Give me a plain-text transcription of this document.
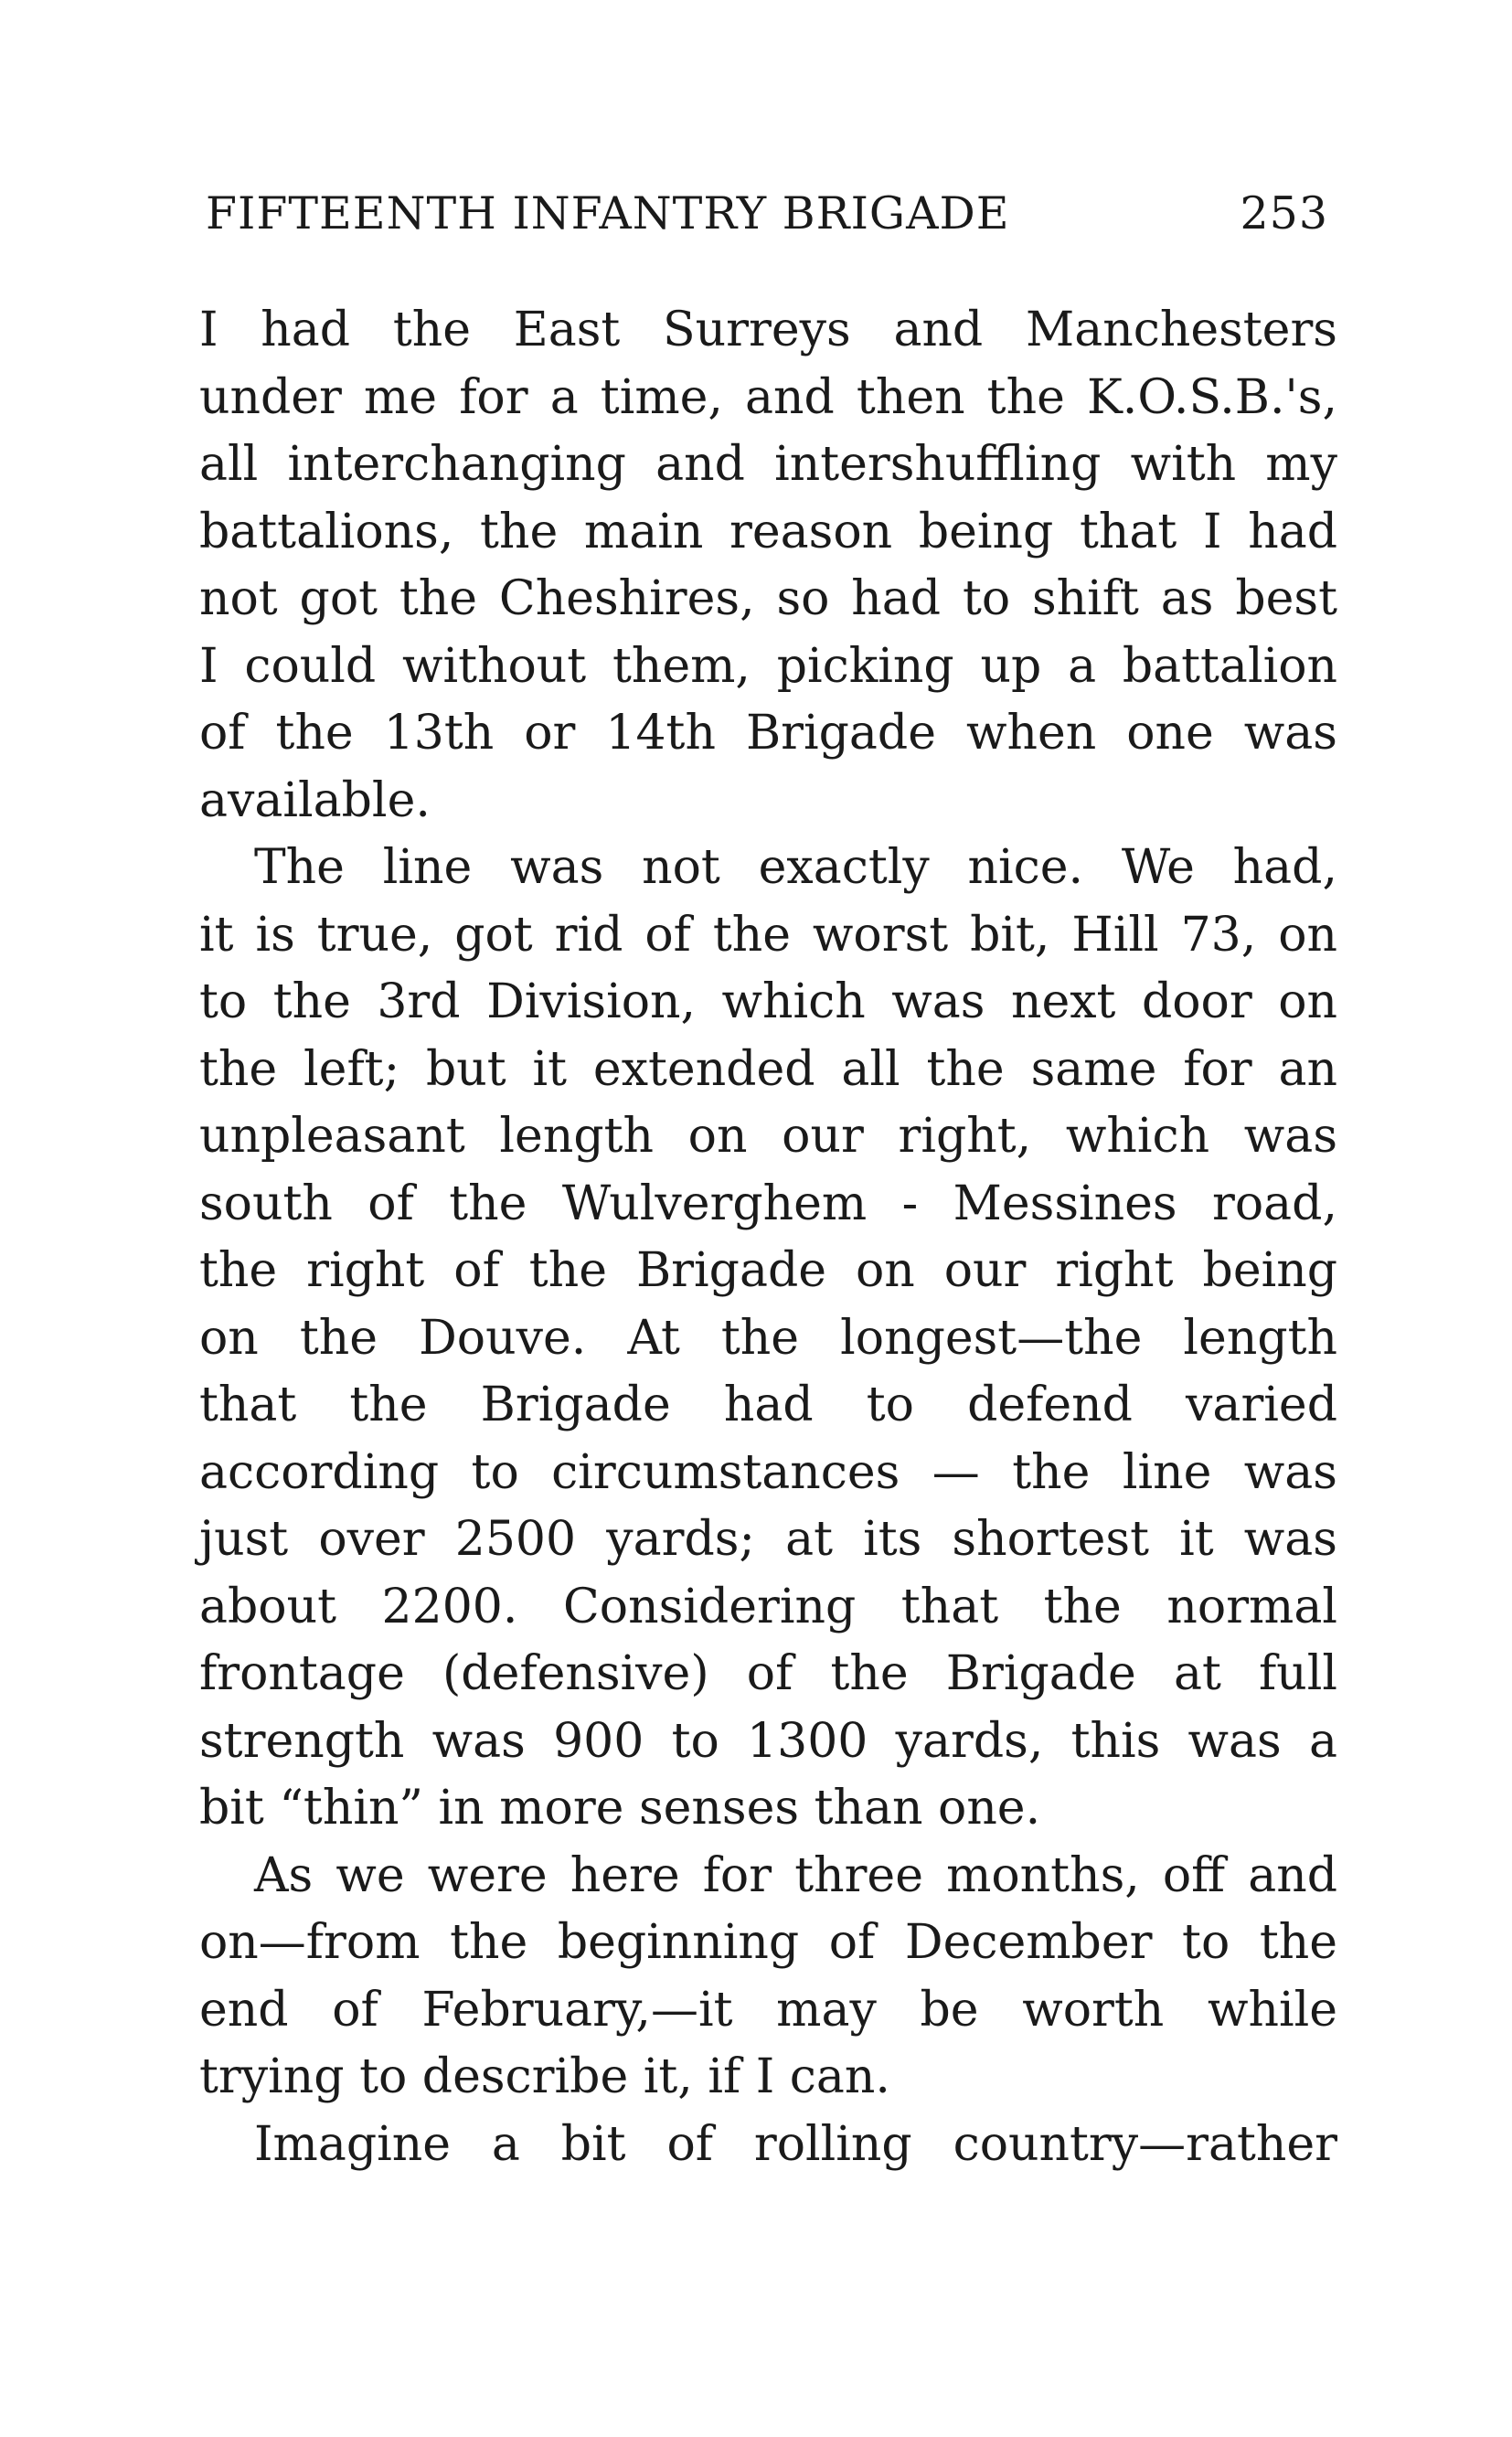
FIFTEENTH INFANTRY BRIGADE	253
I had the East Surreys and Manchesters
under me for a time, and then the K.O.S.B.'s,
all interchanging and intershuffling with my
battalions, the main reason being that I had
not got the Cheshires, so had to shift as best
I could without them, picking up a battalion
of the 13th or 14th Brigade when one was
available.
The line was not exactly nice. We had,
it is true, got rid of the worst bit, Hill 73, on
to the 3rd Division, which was next door on
the left; but it extended all the same for an
unpleasant length on our right, which was
south of the Wulverghem - Messines road,
the right of the Brigade on our right being
on the Douve. At the longest—the length
that the Brigade had to defend varied
according to circumstances — the line was
just over 2500 yards; at its shortest it was
about 2200. Considering that the normal
frontage (defensive) of the Brigade at full
strength was 900 to 1300 yards, this was a
bit “thin” in more senses than one.
As we were here for three months, off and
on—from the beginning of December to the
end of February,—it may be worth while
trying to describe it, if I can.
Imagine a bit of rolling country—rather
